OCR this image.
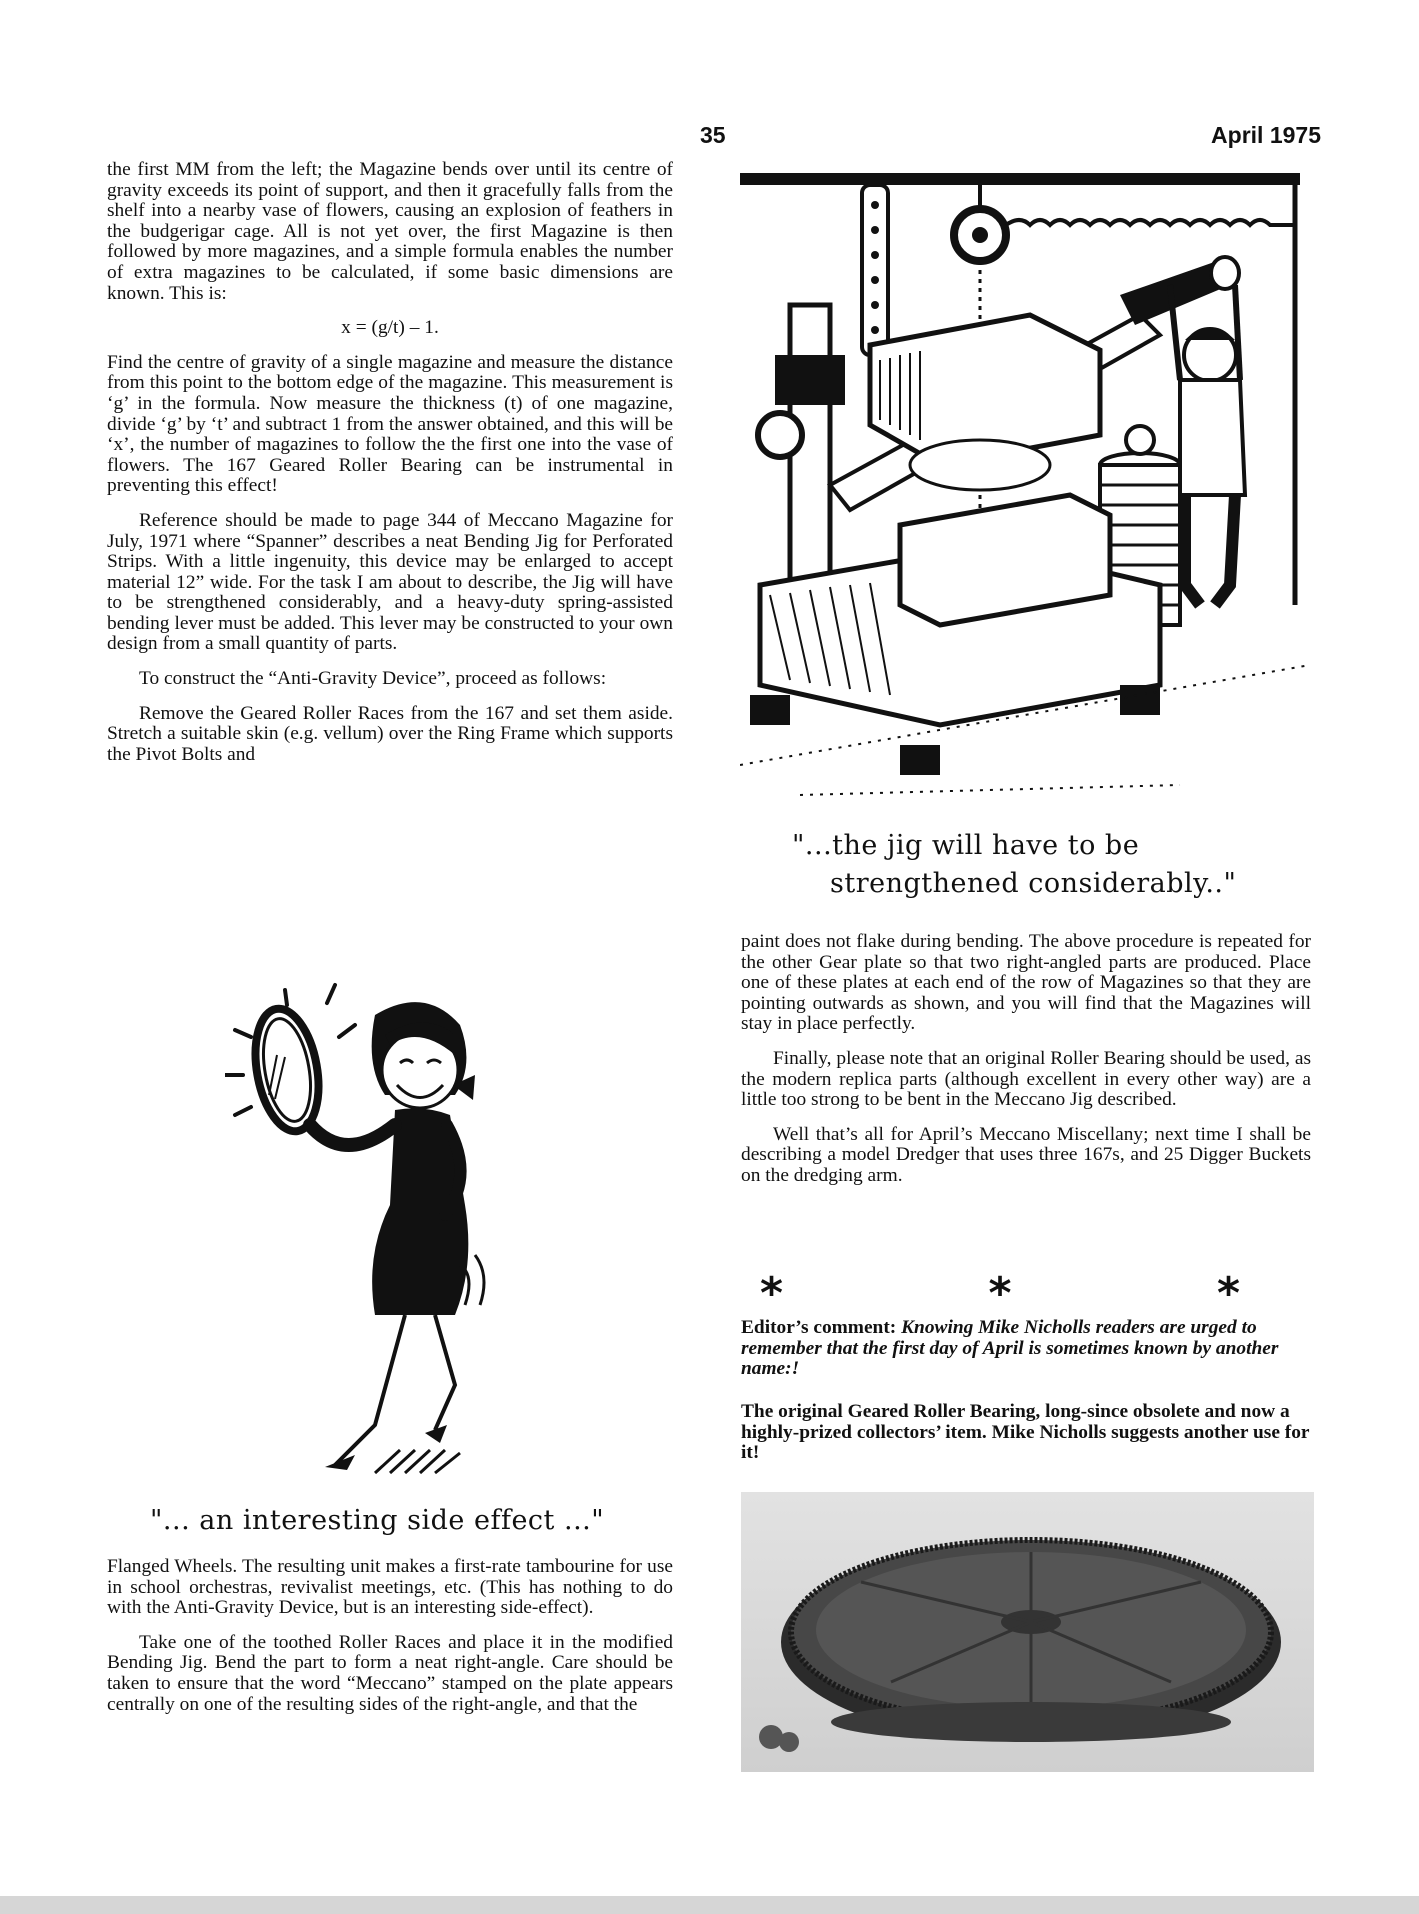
35	April 1975

the first MM from the left; the Magazine bends over until its centre of gravity exceeds its point of support, and then it gracefully falls from the shelf into a nearby vase of flowers, causing an explosion of feathers in the budgerigar cage. All is not yet over, the first Magazine is then followed by more magazines, and a simple formula enables the number of extra magazines to be calculated, if some basic dimensions are known. This is:

x = (g/t) – 1.

Find the centre of gravity of a single magazine and measure the distance from this point to the bottom edge of the magazine. This measurement is ‘g’ in the formula. Now measure the thickness (t) of one magazine, divide ‘g’ by ‘t’ and subtract 1 from the answer obtained, and this will be ‘x’, the number of magazines to follow the the first one into the vase of flowers. The 167 Geared Roller Bearing can be instrumental in preventing this effect!

Reference should be made to page 344 of Meccano Magazine for July, 1971 where “Spanner” describes a neat Bending Jig for Perforated Strips. With a little ingenuity, this device may be enlarged to accept material 12” wide. For the task I am about to describe, the Jig will have to be strengthened considerably, and a heavy-duty spring-assisted bending lever must be added. This lever may be constructed to your own design from a small quantity of parts.

To construct the “Anti-Gravity Device”, proceed as follows:

Remove the Geared Roller Races from the 167 and set them aside. Stretch a suitable skin (e.g. vellum) over the Ring Frame which supports the Pivot Bolts and

"... an interesting side effect ..."

Flanged Wheels. The resulting unit makes a first-rate tambourine for use in school orchestras, revivalist meetings, etc. (This has nothing to do with the Anti-Gravity Device, but is an interesting side-effect).

Take one of the toothed Roller Races and place it in the modified Bending Jig. Bend the part to form a neat right-angle. Care should be taken to ensure that the word “Meccano” stamped on the plate appears centrally on one of the resulting sides of the right-angle, and that the

"...the jig will have to be
strengthened considerably.."

paint does not flake during bending. The above procedure is repeated for the other Gear plate so that two right-angled parts are produced. Place one of these plates at each end of the row of Magazines so that they are pointing outwards as shown, and you will find that the Magazines will stay in place perfectly.

Finally, please note that an original Roller Bearing should be used, as the modern replica parts (although excellent in every other way) are a little too strong to be bent in the Meccano Jig described.

Well that’s all for April’s Meccano Miscellany; next time I shall be describing a model Dredger that uses three 167s, and 25 Digger Buckets on the dredging arm.

*	*	*
Editor’s comment: Knowing Mike Nicholls readers are urged to remember that the first day of April is sometimes known by another name:!
The original Geared Roller Bearing, long-since obsolete and now a highly-prized collectors’ item. Mike Nicholls suggests another use for it!
